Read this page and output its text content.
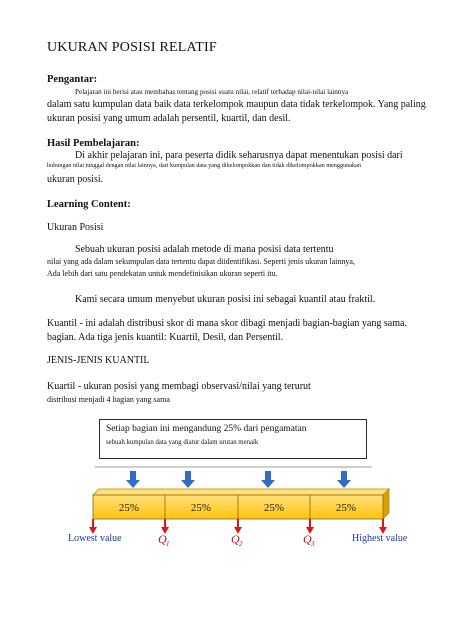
UKURAN POSISI RELATIF
Pengantar:
Pelajaran ini berisi atau membahas tentang posisi suatu nilai, relatif terhadap nilai-nilai lainnya
dalam satu kumpulan data baik data terkelompok maupun data tidak terkelompok. Yang paling
ukuran posisi yang umum adalah persentil, kuartil, dan desil.
Hasil Pembelajaran:
Di akhir pelajaran ini, para peserta didik seharusnya dapat menentukan posisi dari
hubungan nilai tunggal dengan nilai lainnya, dari kumpulan data yang dikelompokkan dan tidak dikelompokkan menggunakan
ukuran posisi.
Learning Content:
Ukuran Posisi
Sebuah ukuran posisi adalah metode di mana posisi data tertentu
nilai yang ada dalam sekumpulan data tertentu dapat diidentifikasi. Seperti jenis ukuran lainnya,
Ada lebih dari satu pendekatan untuk mendefinisikan ukuran seperti itu.
Kami secara umum menyebut ukuran posisi ini sebagai kuantil atau fraktil.
Kuantil - ini adalah distribusi skor di mana skor dibagi menjadi bagian-bagian yang sama.
bagian. Ada tiga jenis kuantil: Kuartil, Desil, dan Persentil.
JENIS-JENIS KUANTIL
Kuartil - ukuran posisi yang membagi observasi/nilai yang terurut
distribusi menjadi 4 bagian yang sama
Setiap bagian ini mengandung 25% dari pengamatan
sebuah kumpulan data yang diatur dalam urutan menaik
25%	25%	25%	25%
Lowest value	Highest value
Q 1	Q 2	Q 3
